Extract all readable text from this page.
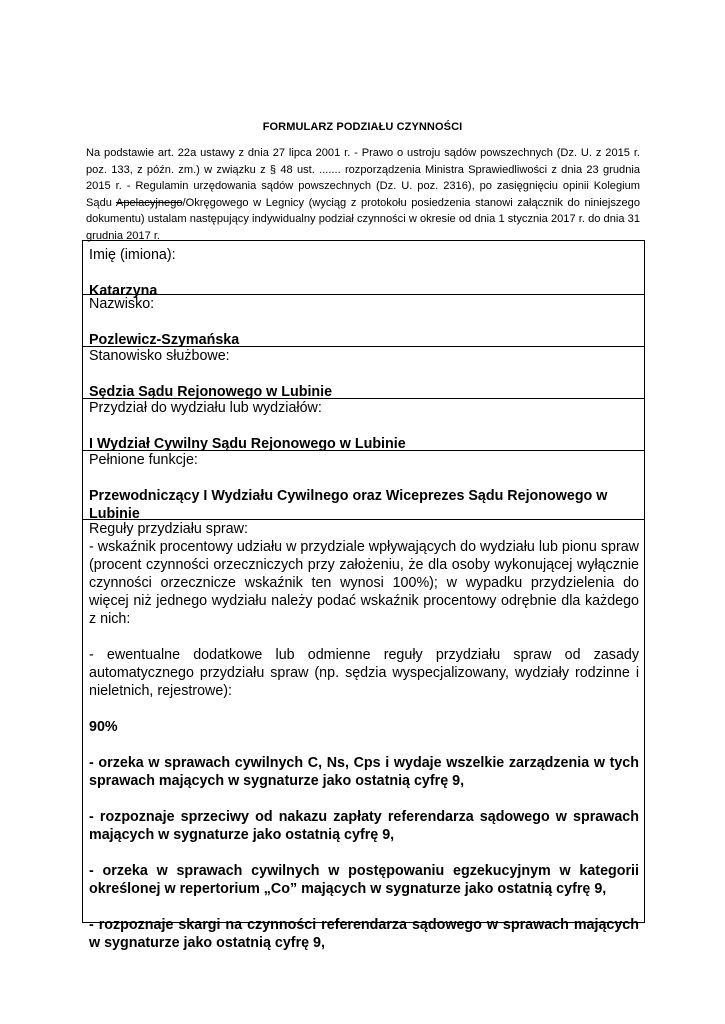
FORMULARZ PODZIAŁU CZYNNOŚCI
Na podstawie art. 22a ustawy z dnia 27 lipca 2001 r. - Prawo o ustroju sądów powszechnych (Dz. U. z 2015 r. poz. 133, z późn. zm.) w związku z § 48 ust. ....... rozporządzenia Ministra Sprawiedliwości z dnia 23 grudnia 2015 r. - Regulamin urzędowania sądów powszechnych (Dz. U. poz. 2316), po zasięgnięciu opinii Kolegium Sądu Apelacyjnego/Okręgowego w Legnicy (wyciąg z protokołu posiedzenia stanowi załącznik do niniejszego dokumentu) ustalam następujący indywidualny podział czynności w okresie od dnia 1 stycznia 2017 r. do dnia 31 grudnia 2017 r.
Imię (imiona):
Katarzyna
Nazwisko:
Pozlewicz-Szymańska
Stanowisko służbowe:
Sędzia Sądu Rejonowego w Lubinie
Przydział do wydziału lub wydziałów:
I Wydział Cywilny Sądu Rejonowego w Lubinie
Pełnione funkcje:
Przewodniczący I Wydziału Cywilnego oraz Wiceprezes Sądu Rejonowego w Lubinie
Reguły przydziału spraw:
- wskaźnik procentowy udziału w przydziale wpływających do wydziału lub pionu spraw (procent czynności orzeczniczych przy założeniu, że dla osoby wykonującej wyłącznie czynności orzecznicze wskaźnik ten wynosi 100%); w wypadku przydzielenia do więcej niż jednego wydziału należy podać wskaźnik procentowy odrębnie dla każdego z nich:
- ewentualne dodatkowe lub odmienne reguły przydziału spraw od zasady automatycznego przydziału spraw (np. sędzia wyspecjalizowany, wydziały rodzinne i nieletnich, rejestrowe):
90%
- orzeka w sprawach cywilnych C, Ns, Cps i wydaje wszelkie zarządzenia w tych sprawach mających w sygnaturze jako ostatnią cyfrę 9,
- rozpoznaje sprzeciwy od nakazu zapłaty referendarza sądowego w sprawach mających w sygnaturze jako ostatnią cyfrę 9,
- orzeka w sprawach cywilnych w postępowaniu egzekucyjnym w kategorii określonej w repertorium „Co” mających w sygnaturze jako ostatnią cyfrę 9,
- rozpoznaje skargi na czynności referendarza sądowego w sprawach mających w sygnaturze jako ostatnią cyfrę 9,
